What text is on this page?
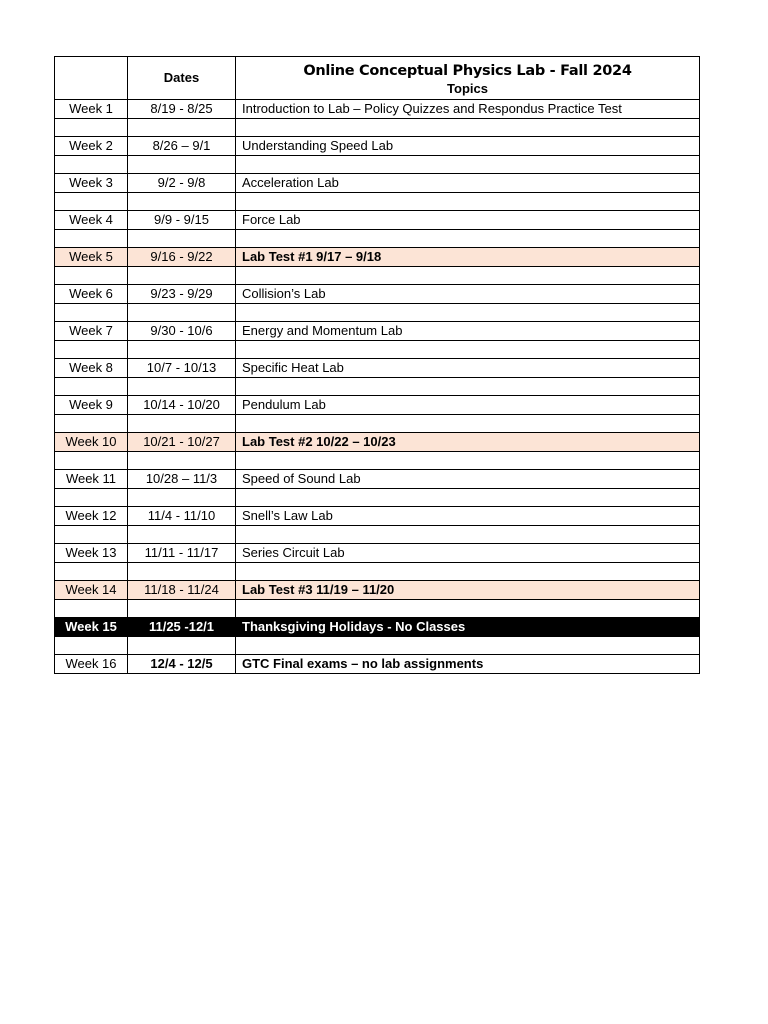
	Dates	Online Conceptual Physics Lab - Fall 2024
Topics

Week 1	8/19 - 8/25	Introduction to Lab – Policy Quizzes and Respondus Practice Test

Week 2	8/26 – 9/1	Understanding Speed Lab

Week 3	9/2 - 9/8	Acceleration Lab

Week 4	9/9 - 9/15	Force Lab

Week 5	9/16 - 9/22	Lab Test #1 9/17 – 9/18

Week 6	9/23 - 9/29	Collision’s Lab

Week 7	9/30 - 10/6	Energy and Momentum Lab

Week 8	10/7 - 10/13	Specific Heat Lab

Week 9	10/14 - 10/20	Pendulum Lab

Week 10	10/21 - 10/27	Lab Test #2 10/22 – 10/23

Week 11	10/28 – 11/3	Speed of Sound Lab

Week 12	11/4 - 11/10	Snell’s Law Lab

Week 13	11/11 - 11/17	Series Circuit Lab

Week 14	11/18 - 11/24	Lab Test #3 11/19 – 11/20

Week 15	11/25 -12/1	Thanksgiving Holidays - No Classes

Week 16	12/4 - 12/5	GTC Final exams – no lab assignments
